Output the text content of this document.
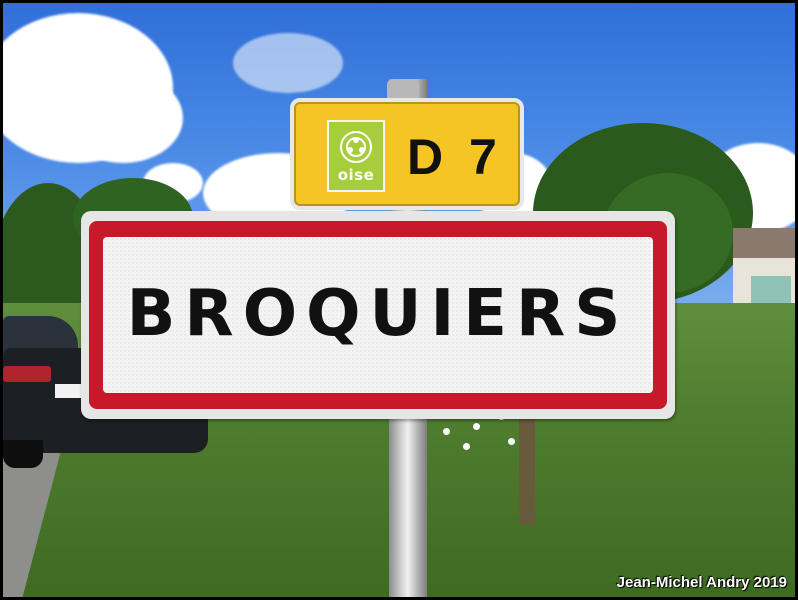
oise D 7
BROQUIERS
Jean-Michel Andry 2019
